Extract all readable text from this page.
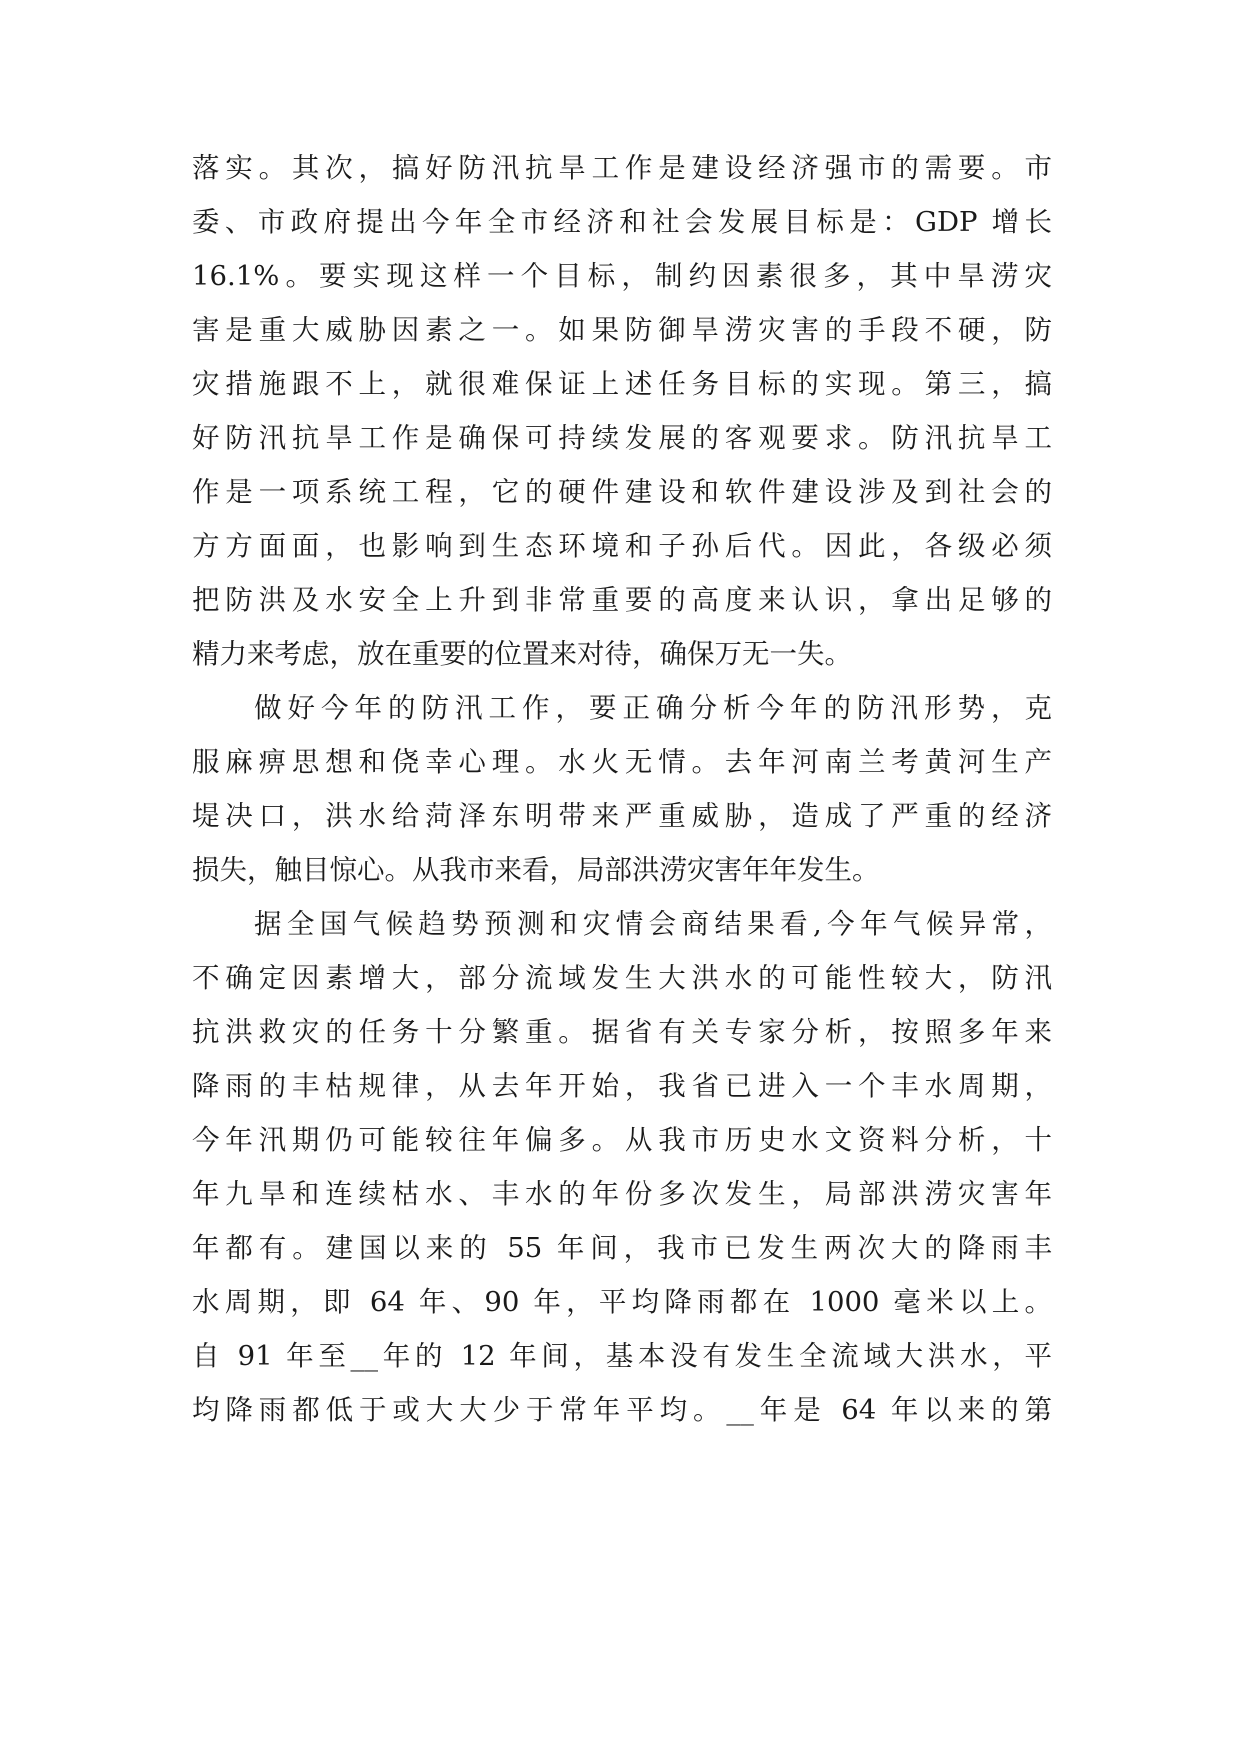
落实。其次，搞好防汛抗旱工作是建设经济强市的需要。市
委、市政府提出今年全市经济和社会发展目标是：GDP 增长
16.1%。要实现这样一个目标，制约因素很多，其中旱涝灾
害是重大威胁因素之一。如果防御旱涝灾害的手段不硬，防
灾措施跟不上，就很难保证上述任务目标的实现。第三，搞
好防汛抗旱工作是确保可持续发展的客观要求。防汛抗旱工
作是一项系统工程，它的硬件建设和软件建设涉及到社会的
方方面面，也影响到生态环境和子孙后代。因此，各级必须
把防洪及水安全上升到非常重要的高度来认识，拿出足够的
精力来考虑，放在重要的位置来对待，确保万无一失。
做好今年的防汛工作，要正确分析今年的防汛形势，克
服麻痹思想和侥幸心理。水火无情。去年河南兰考黄河生产
堤决口，洪水给菏泽东明带来严重威胁，造成了严重的经济
损失，触目惊心。从我市来看，局部洪涝灾害年年发生。
据全国气候趋势预测和灾情会商结果看,今年气候异常，
不确定因素增大，部分流域发生大洪水的可能性较大，防汛
抗洪救灾的任务十分繁重。据省有关专家分析，按照多年来
降雨的丰枯规律，从去年开始，我省已进入一个丰水周期，
今年汛期仍可能较往年偏多。从我市历史水文资料分析，十
年九旱和连续枯水、丰水的年份多次发生，局部洪涝灾害年
年都有。建国以来的 55 年间，我市已发生两次大的降雨丰
水周期，即 64 年、90 年，平均降雨都在 1000 毫米以上。
自 91 年至__年的 12 年间，基本没有发生全流域大洪水，平
均降雨都低于或大大少于常年平均。__年是 64 年以来的第
